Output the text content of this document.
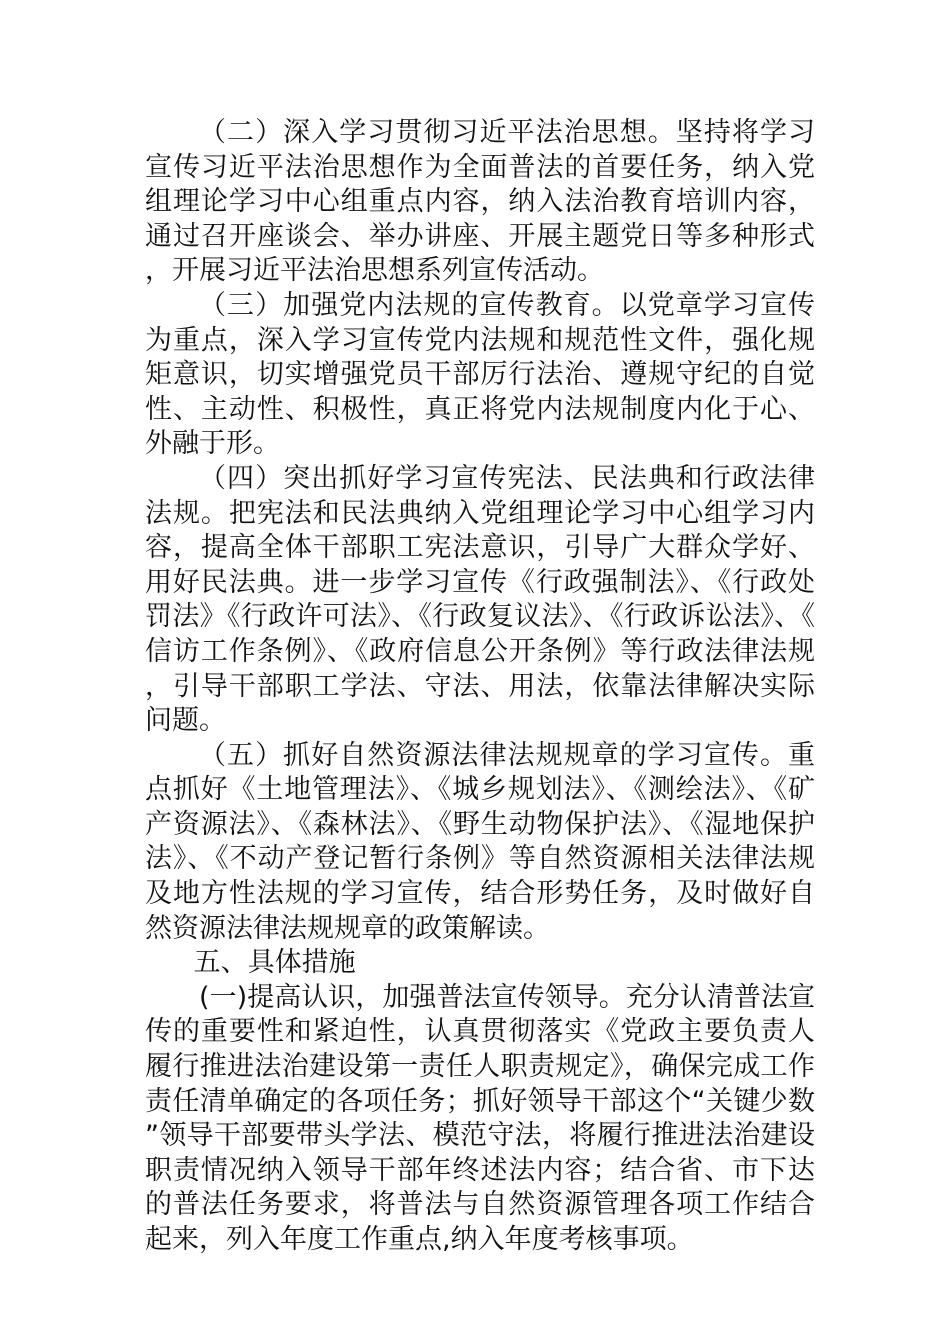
（二）深入学习贯彻习近平法治思想。坚持将学习宣传习近平法治思想作为全面普法的首要任务，纳入党组理论学习中心组重点内容，纳入法治教育培训内容，通过召开座谈会、举办讲座、开展主题党日等多种形式，开展习近平法治思想系列宣传活动。

（三）加强党内法规的宣传教育。以党章学习宣传为重点，深入学习宣传党内法规和规范性文件，强化规矩意识，切实增强党员干部厉行法治、遵规守纪的自觉性、主动性、积极性，真正将党内法规制度内化于心、外融于形。

（四）突出抓好学习宣传宪法、民法典和行政法律法规。把宪法和民法典纳入党组理论学习中心组学习内容，提高全体干部职工宪法意识，引导广大群众学好、用好民法典。进一步学习宣传《行政强制法》、《行政处罚法》《行政许可法》、《行政复议法》、《行政诉讼法》、《信访工作条例》、《政府信息公开条例》等行政法律法规，引导干部职工学法、守法、用法，依靠法律解决实际问题。

（五）抓好自然资源法律法规规章的学习宣传。重点抓好《土地管理法》、《城乡规划法》、《测绘法》、《矿产资源法》、《森林法》、《野生动物保护法》、《湿地保护法》、《不动产登记暂行条例》等自然资源相关法律法规及地方性法规的学习宣传，结合形势任务，及时做好自然资源法律法规规章的政策解读。

五、具体措施

(一)提高认识，加强普法宣传领导。充分认清普法宣传的重要性和紧迫性，认真贯彻落实《党政主要负责人履行推进法治建设第一责任人职责规定》，确保完成工作责任清单确定的各项任务；抓好领导干部这个“关键少数”领导干部要带头学法、模范守法，将履行推进法治建设职责情况纳入领导干部年终述法内容；结合省、市下达的普法任务要求，将普法与自然资源管理各项工作结合起来，列入年度工作重点,纳入年度考核事项。
